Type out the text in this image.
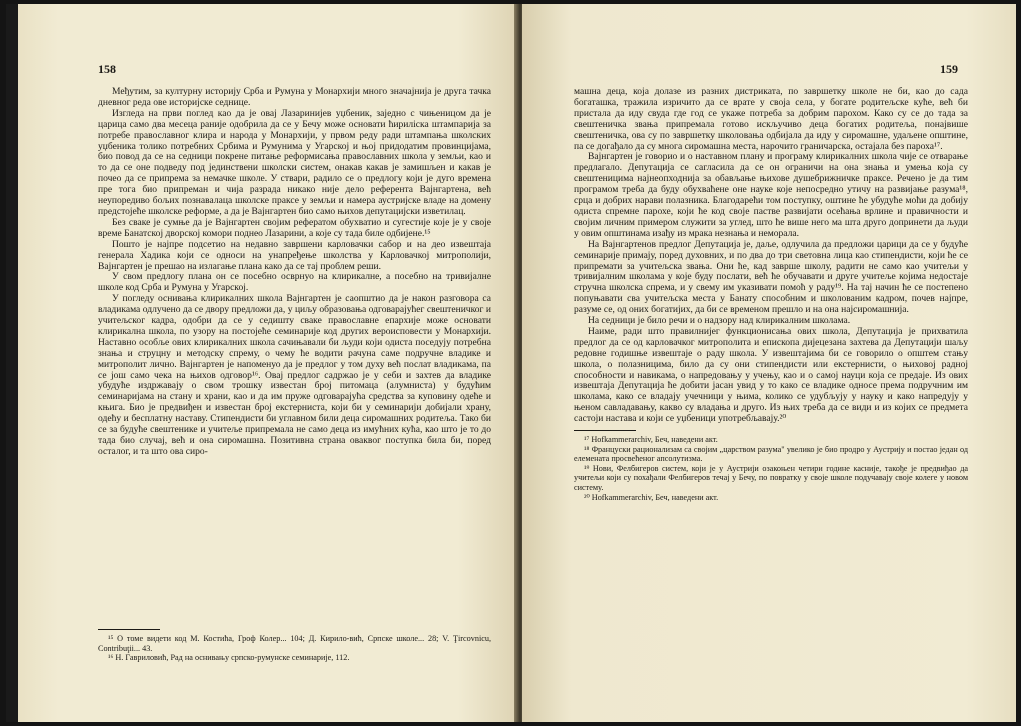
158

Међутим, за културну историју Срба и Румуна у Монархији много значајнија је друга тачка дневног реда ове историјске седнице.

Изгледа на први поглед као да је овај Лазаринијев уџбеник, заједно с чињеницом да је царица само два месеца раније одобрила да се у Бечу може основати ћириліска штампарија за потребе православног клира и народа у Монархији, у првом реду ради штампања школских уџбеника толико потребних Србима и Румунима у Угарској и њој придодатим провинцијама, био повод да се на седници покрене питање реформисања православних школа у земљи, као и то да се оне подведу под јединствени школски систем, онакав какав је замишљен и какав је почео да се припрема за немачке школе. У ствари, радило се о предлогу који је дуго времена пре тога био припреман и чија разрада никако није дело референта Вајнгартена, већ неупоредиво бољих познавалаца школске праксе у земљи и намера аустријске владе на домену предстојеће школске реформе, а да је Вајнгартен био само њихов депутацијски изветилац.

Без сваке је сумње да је Вајнгартен својим рефератом обухватио и сугестије које је у своје време Банатској дворској комори поднео Лазарини, а које су тада биле одбијене.¹⁵

Пошто је најпре подсетио на недавно завршени карловачки сабор и на део извештаја генерала Хадика који се односи на унапређење школства у Карловачкој митрополији, Вајнгартен је прешао на излагање плана како да се тај проблем реши.

У свом предлогу плана он се посебно осврнуо на клирикалне, а посебно на тривијалне школе код Срба и Румуна у Угарској.

У погледу оснивања клирикалних школа Вајнгартен је саопштио да је након разговора са владикама одлучено да се двору предложи да, у циљу образовања одговарајућег свештеничког и учитељског кадра, одобри да се у седишту сваке православне епархије може основати клирикална школа, по узору на постојеће семинарије код других вероисповести у Монархији. Наставно особље ових клирикалних школа сачињавали би људи који одиста поседују потребна знања и струцну и методску спрему, о чему ће водити рачуна саме подручне владике и митрополит лично. Вајнгартен је напоменуо да је предлог у том духу већ послат владикама, па се још само чека на њихов одговор¹⁶. Овај предлог садржао је у себи и захтев да владике убудуће издржавају о свом трошку известан број питомаца (алумниста) у будућим семинаријама на стану и храни, као и да им пруже одговарајућа средства за куповину одеће и књига. Био је предвиђен и известан број екстерниста, који би у семинарији добијали храну, одећу и бесплатну наставу. Стипендисти би углавном били деца сиромашних родитеља. Тако би се за будуће свештенике и учитеље припремала не само деца из имућних кућа, као што је то до тада био случај, већ и она сиромашна. Позитивна страна оваквог поступка била би, поред осталог, и та што ова сиро-

¹⁵ О томе видети код М. Костића, Гроф Колер... 104; Д. Кирило-вић, Српске школе... 28; V. Ţircovnicu, Contribuţii... 43.

¹⁶ Н. Гавриловић, Рад на оснивању српско-румунске семинарије, 112.

159

машна деца, која долазе из разних дистриката, по завршетку школе не би, као до сада богаташка, тражила изричито да се врате у своја села, у богате родитељске куће, већ би пристала да иду свуда где год се укаже потреба за добрим парохом. Како су се до тада за свештеничка звања припремала готово искључиво деца богатих родитеља, понајвише свештеничка, ова су по завршетку школовања одбијала да иду у сиромашне, удаљене општине, па се догађало да су многа сиромашна места, нарочито граничарска, остајала без пароха¹⁷.

Вајнгартен је говорио и о наставном плану и програму клирикалних школа чије се отварање предлагало. Депутација се сагласила да се он ограничи на она знања и умења која су свештеницима најнеопходнија за обављање њихове душебрижничке праксе. Речено је да тим програмом треба да буду обухваћене оне науке које непосредно утичу на развијање разума¹⁸, срца и добрих нарави полазника. Благодарећи том поступку, оштине ће убудуће моћи да добију одиста спремне парохе, који ће код своје пастве развијати осећања врлине и правичности и својим личним примером служити за углед, што ће више него ма шта друго допринети да људи у овим општинама изађу из мрака незнања и неморала.

На Вајнгартенов предлог Депутација је, даље, одлучила да предложи царици да се у будуће семинарије примају, поред духовних, и по два до три световна лица као стипендисти, који ће се припремати за учитељска звања. Они ће, кад заврше школу, радити не само као учитељи у тривијалним школама у које буду послати, већ ће обучавати и друге учитеље којима недостаје стручна школска спрема, и у свему им указивати помоћ у раду¹⁹. На тај начин ће се постепено попуњавати сва учитељска места у Банату способним и школованим кадром, почев најпре, разуме се, од оних богатијих, да би се временом прешло и на она најсиромашнија.

На седници је било речи и о надзору над клирикалним школама.

Наиме, ради што правилнијег функционисања ових школа, Депутација је прихватила предлог да се од карловачког митрополита и епископа дијецезана захтева да Депутацији шаљу редовне годишње извештаје о раду школа. У извештајима би се говорило о општем стању школа, о полазницима, било да су они стипендисти или екстернисти, о њиховој радној способности и навикама, о напредовању у учењу, као и о самој науци која се предаје. Из ових извештаја Депутација ће добити јасан увид у то како се владике односе према подручним им школама, како се владају учечници у њима, колико се удубљују у науку и како напредују у њеном савладавању, какво су владања и друго. Из њих треба да се види и из којих се предмета састоји настава и који се уџбеници употребљавају.²⁰

¹⁷ Hofkammerarchiv, Беч, наведени акт.

¹⁸ Француски рационализам са својим „царством разума" увелико је био продро у Аустрију и постао један од елемената просвећеног апсолутизма.

¹⁹ Нови, Фелбигеров систем, који је у Аустрији озакоњен четири године касније, такође је предвиђао да учитељи који су похађали Фелбигеров течај у Бечу, по повратку у своје школе подучавају своје колеге у новом систему.

²⁰ Hofkammerarchiv, Беч, наведени акт.
